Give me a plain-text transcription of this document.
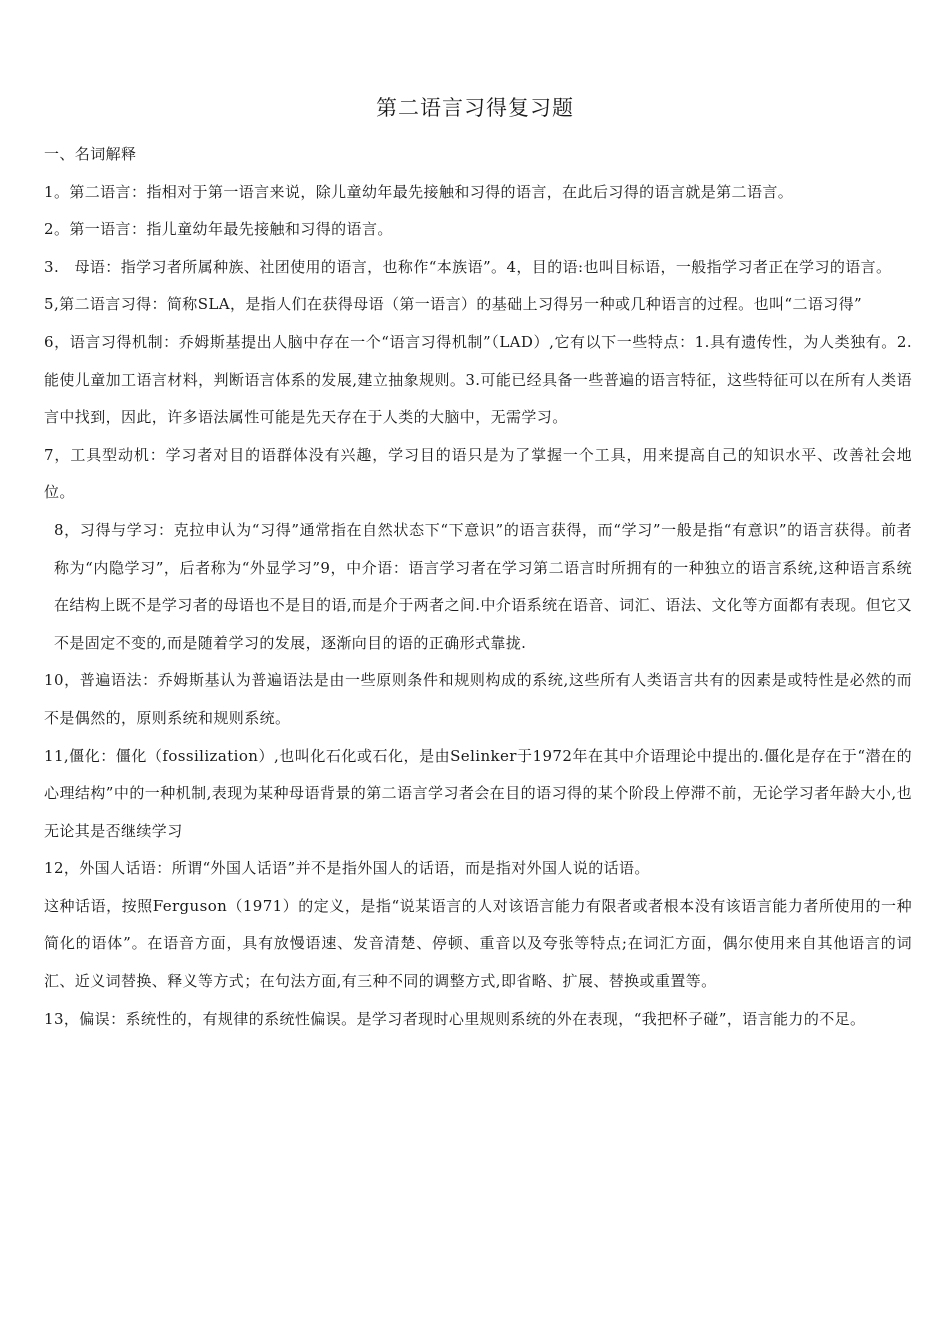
第二语言习得复习题

一、名词解释

1。第二语言：指相对于第一语言来说，除儿童幼年最先接触和习得的语言，在此后习得的语言就是第二语言。

2。第一语言：指儿童幼年最先接触和习得的语言。

3.　母语：指学习者所属种族、社团使用的语言，也称作“本族语”。4，目的语:也叫目标语，一般指学习者正在学习的语言。

5,第二语言习得：简称SLA，是指人们在获得母语（第一语言）的基础上习得另一种或几种语言的过程。也叫“二语习得”

6，语言习得机制：乔姆斯基提出人脑中存在一个“语言习得机制”（LAD）,它有以下一些特点：1.具有遗传性，为人类独有。2.能使儿童加工语言材料，判断语言体系的发展,建立抽象规则。3.可能已经具备一些普遍的语言特征，这些特征可以在所有人类语言中找到，因此，许多语法属性可能是先天存在于人类的大脑中，无需学习。

7，工具型动机：学习者对目的语群体没有兴趣，学习目的语只是为了掌握一个工具，用来提高自己的知识水平、改善社会地位。

8，习得与学习：克拉申认为“习得”通常指在自然状态下“下意识”的语言获得，而“学习”一般是指“有意识”的语言获得。前者称为“内隐学习”，后者称为“外显学习”9，中介语：语言学习者在学习第二语言时所拥有的一种独立的语言系统,这种语言系统在结构上既不是学习者的母语也不是目的语,而是介于两者之间.中介语系统在语音、词汇、语法、文化等方面都有表现。但它又不是固定不变的,而是随着学习的发展，逐渐向目的语的正确形式靠拢.

10，普遍语法：乔姆斯基认为普遍语法是由一些原则条件和规则构成的系统,这些所有人类语言共有的因素是或特性是必然的而不是偶然的，原则系统和规则系统。

11,僵化：僵化（fossilization）,也叫化石化或石化，是由Selinker于1972年在其中介语理论中提出的.僵化是存在于“潜在的心理结构”中的一种机制,表现为某种母语背景的第二语言学习者会在目的语习得的某个阶段上停滞不前，无论学习者年龄大小,也无论其是否继续学习

12，外国人话语：所谓“外国人话语”并不是指外国人的话语，而是指对外国人说的话语。

这种话语，按照Ferguson（1971）的定义，是指“说某语言的人对该语言能力有限者或者根本没有该语言能力者所使用的一种简化的语体”。在语音方面，具有放慢语速、发音清楚、停顿、重音以及夸张等特点;在词汇方面，偶尔使用来自其他语言的词汇、近义词替换、释义等方式；在句法方面,有三种不同的调整方式,即省略、扩展、替换或重置等。

13，偏误：系统性的，有规律的系统性偏误。是学习者现时心里规则系统的外在表现，“我把杯子碰”，语言能力的不足。
